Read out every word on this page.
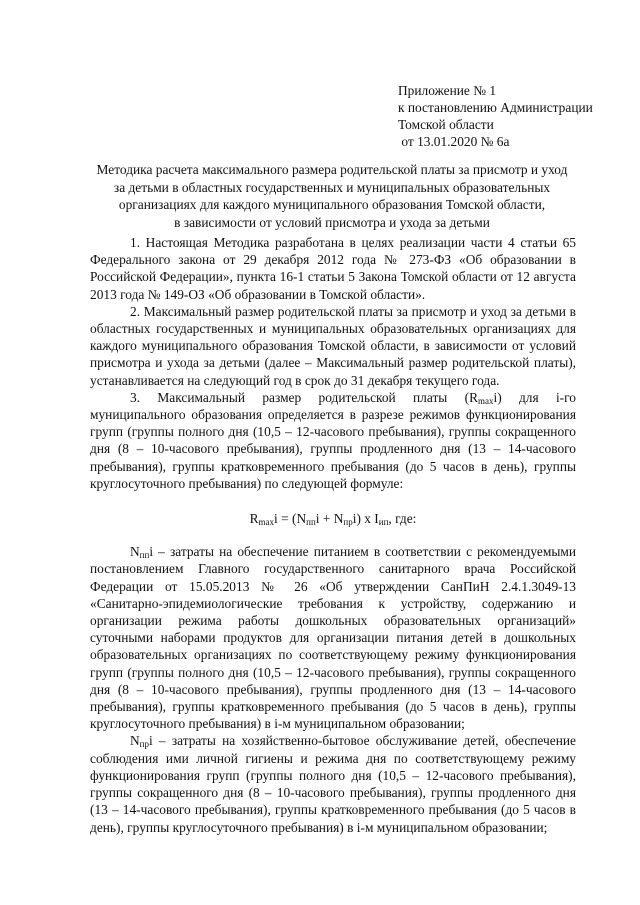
Приложение № 1
к постановлению Администрации
Томской области
от 13.01.2020 № 6а
Методика расчета максимального размера родительской платы за присмотр и уход
за детьми в областных государственных и муниципальных образовательных
организациях для каждого муниципального образования Томской области,
в зависимости от условий присмотра и ухода за детьми

1. Настоящая Методика разработана в целях реализации части 4 статьи 65 Федерального закона от 29 декабря 2012 года № 273-ФЗ «Об образовании в Российской Федерации», пункта 16-1 статьи 5 Закона Томской области от 12 августа 2013 года № 149-ОЗ «Об образовании в Томской области».

2. Максимальный размер родительской платы за присмотр и уход за детьми в областных государственных и муниципальных образовательных организациях для каждого муниципального образования Томской области, в зависимости от условий присмотра и ухода за детьми (далее – Максимальный размер родительской платы), устанавливается на следующий год в срок до 31 декабря текущего года.

3. Максимальный размер родительской платы $(R_{max}i)$ для i-го муниципального образования определяется в разрезе режимов функционирования групп (группы полного дня (10,5 – 12-часового пребывания), группы сокращенного дня (8 – 10-часового пребывания), группы продленного дня (13 – 14-часового пребывания), группы кратковременного пребывания (до 5 часов в день), группы круглосуточного пребывания) по следующей формуле:

$R_{max}i = (N_{пп}i + N_{пр}i)$ х $I_{ип}$, где:

$N_{пп}i$ – затраты на обеспечение питанием в соответствии с рекомендуемыми постановлением Главного государственного санитарного врача Российской Федерации от 15.05.2013 № 26 «Об утверждении СанПиН 2.4.1.3049-13 «Санитарно-эпидемиологические требования к устройству, содержанию и организации режима работы дошкольных образовательных организаций» суточными наборами продуктов для организации питания детей в дошкольных образовательных организациях по соответствующему режиму функционирования групп (группы полного дня (10,5 – 12-часового пребывания), группы сокращенного дня (8 – 10-часового пребывания), группы продленного дня (13 – 14-часового пребывания), группы кратковременного пребывания (до 5 часов в день), группы круглосуточного пребывания) в i-м муниципальном образовании;

$N_{пр}i$ – затраты на хозяйственно-бытовое обслуживание детей, обеспечение соблюдения ими личной гигиены и режима дня по соответствующему режиму функционирования групп (группы полного дня (10,5 – 12-часового пребывания), группы сокращенного дня (8 – 10-часового пребывания), группы продленного дня (13 – 14-часового пребывания), группы кратковременного пребывания (до 5 часов в день), группы круглосуточного пребывания) в i-м муниципальном образовании;
